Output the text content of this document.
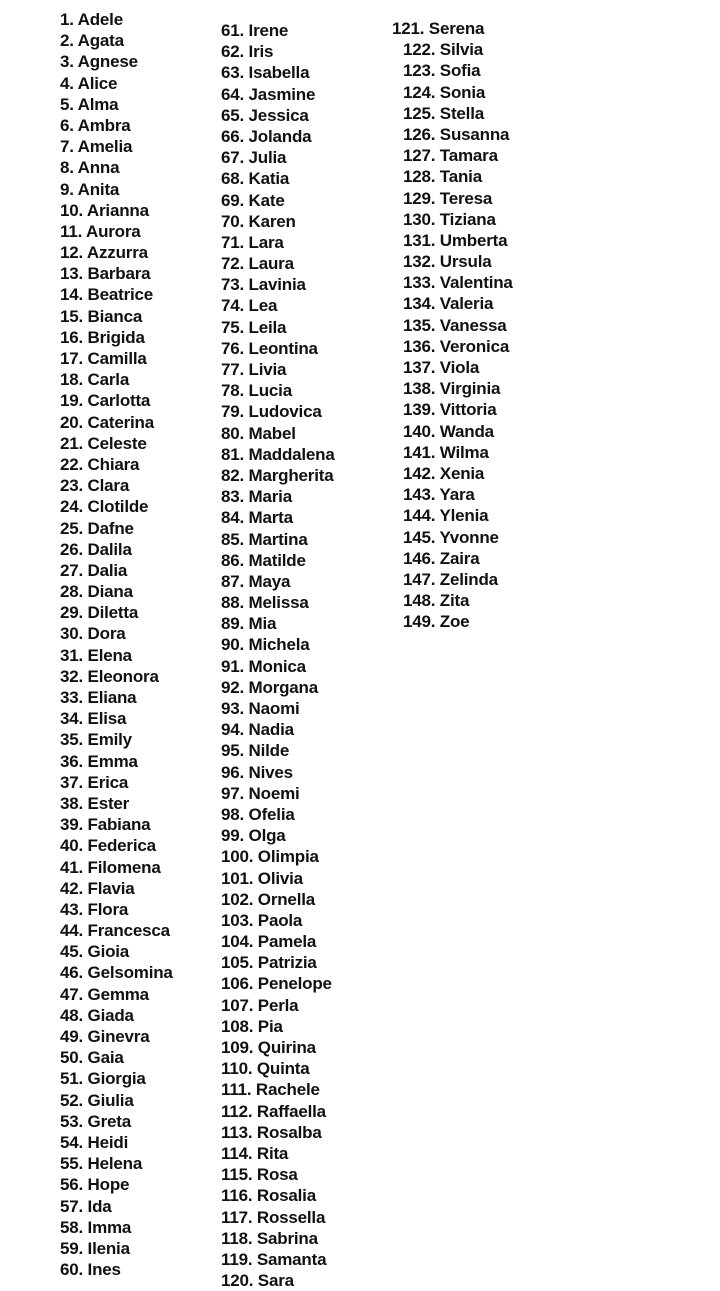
1. Adele
2. Agata
3. Agnese
4. Alice
5. Alma
6. Ambra
7. Amelia
8. Anna
9. Anita
10. Arianna
11. Aurora
12. Azzurra
13. Barbara
14. Beatrice
15. Bianca
16. Brigida
17. Camilla
18. Carla
19. Carlotta
20. Caterina
21. Celeste
22. Chiara
23. Clara
24. Clotilde
25. Dafne
26. Dalila
27. Dalia
28. Diana
29. Diletta
30. Dora
31. Elena
32. Eleonora
33. Eliana
34. Elisa
35. Emily
36. Emma
37. Erica
38. Ester
39. Fabiana
40. Federica
41. Filomena
42. Flavia
43. Flora
44. Francesca
45. Gioia
46. Gelsomina
47. Gemma
48. Giada
49. Ginevra
50. Gaia
51. Giorgia
52. Giulia
53. Greta
54. Heidi
55. Helena
56. Hope
57. Ida
58. Imma
59. Ilenia
60. Ines
61. Irene
62. Iris
63. Isabella
64. Jasmine
65. Jessica
66. Jolanda
67. Julia
68. Katia
69. Kate
70. Karen
71. Lara
72. Laura
73. Lavinia
74. Lea
75. Leila
76. Leontina
77. Livia
78. Lucia
79. Ludovica
80. Mabel
81. Maddalena
82. Margherita
83. Maria
84. Marta
85. Martina
86. Matilde
87. Maya
88. Melissa
89. Mia
90. Michela
91. Monica
92. Morgana
93. Naomi
94. Nadia
95. Nilde
96. Nives
97. Noemi
98. Ofelia
99. Olga
100. Olimpia
101. Olivia
102. Ornella
103. Paola
104. Pamela
105. Patrizia
106. Penelope
107. Perla
108. Pia
109. Quirina
110. Quinta
111. Rachele
112. Raffaella
113. Rosalba
114. Rita
115. Rosa
116. Rosalia
117. Rossella
118. Sabrina
119. Samanta
120. Sara
121. Serena
122. Silvia
123. Sofia
124. Sonia
125. Stella
126. Susanna
127. Tamara
128. Tania
129. Teresa
130. Tiziana
131. Umberta
132. Ursula
133. Valentina
134. Valeria
135. Vanessa
136. Veronica
137. Viola
138. Virginia
139. Vittoria
140. Wanda
141. Wilma
142. Xenia
143. Yara
144. Ylenia
145. Yvonne
146. Zaira
147. Zelinda
148. Zita
149. Zoe
